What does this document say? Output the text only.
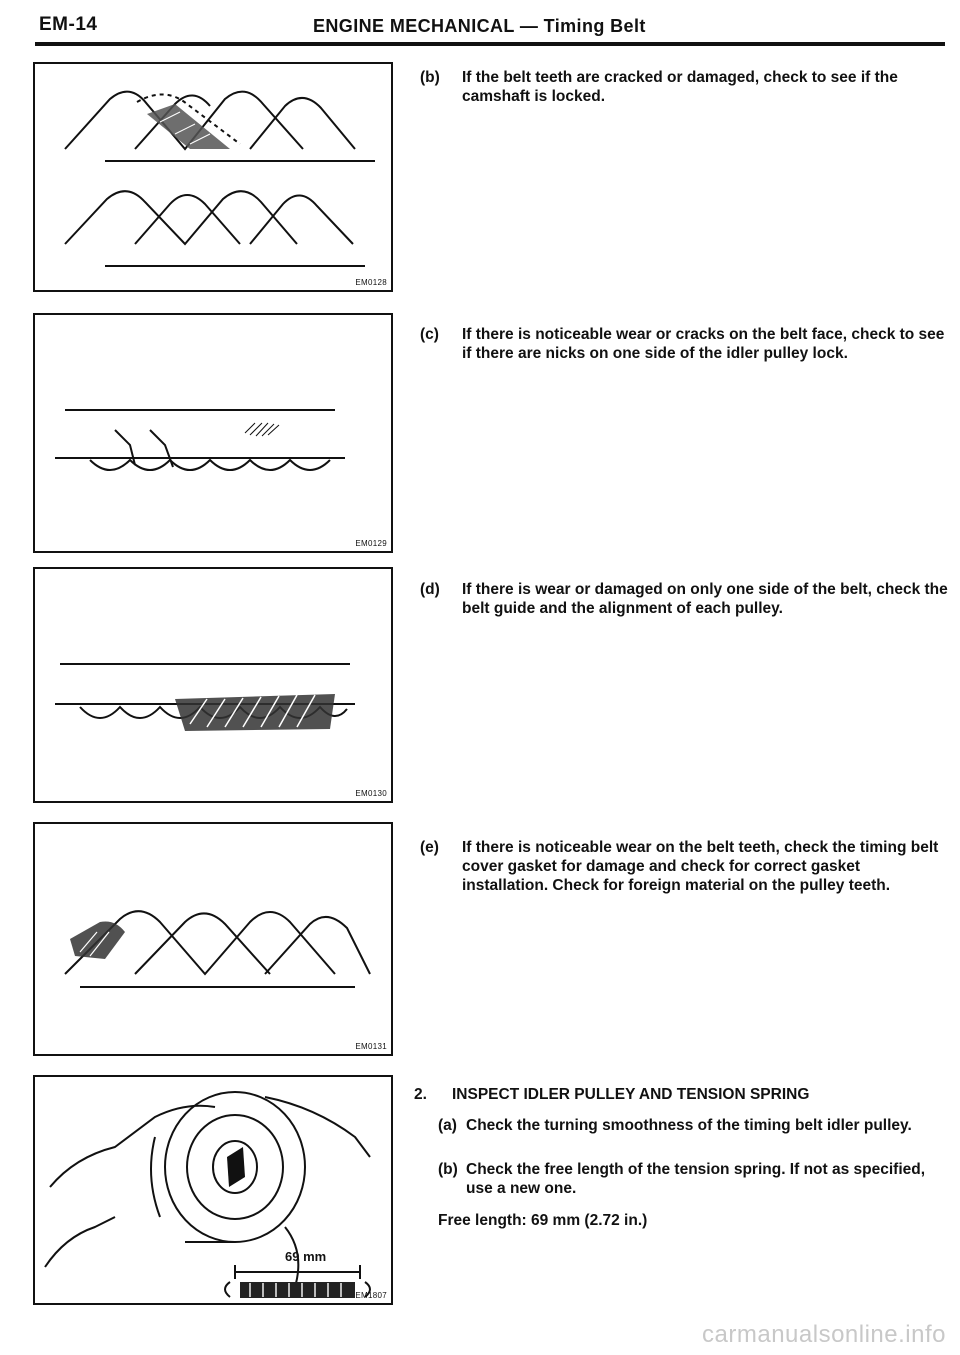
EM-14	ENGINE MECHANICAL — Timing Belt
EM0128
EM0129
EM0130
EM0131
69 mm
EM1807
(b) If the belt teeth are cracked or damaged, check to see if the camshaft is locked.
(c) If there is noticeable wear or cracks on the belt face, check to see if there are nicks on one side of the idler pulley lock.
(d) If there is wear or damaged on only one side of the belt, check the belt guide and the alignment of each pulley.
(e) If there is noticeable wear on the belt teeth, check the timing belt cover gasket for damage and check for correct gasket installation. Check for foreign material on the pulley teeth.
2. INSPECT IDLER PULLEY AND TENSION SPRING
(a) Check the turning smoothness of the timing belt idler pulley.
(b) Check the free length of the tension spring. If not as specified, use a new one.
Free length: 69 mm (2.72 in.)
carmanualsonline.info
